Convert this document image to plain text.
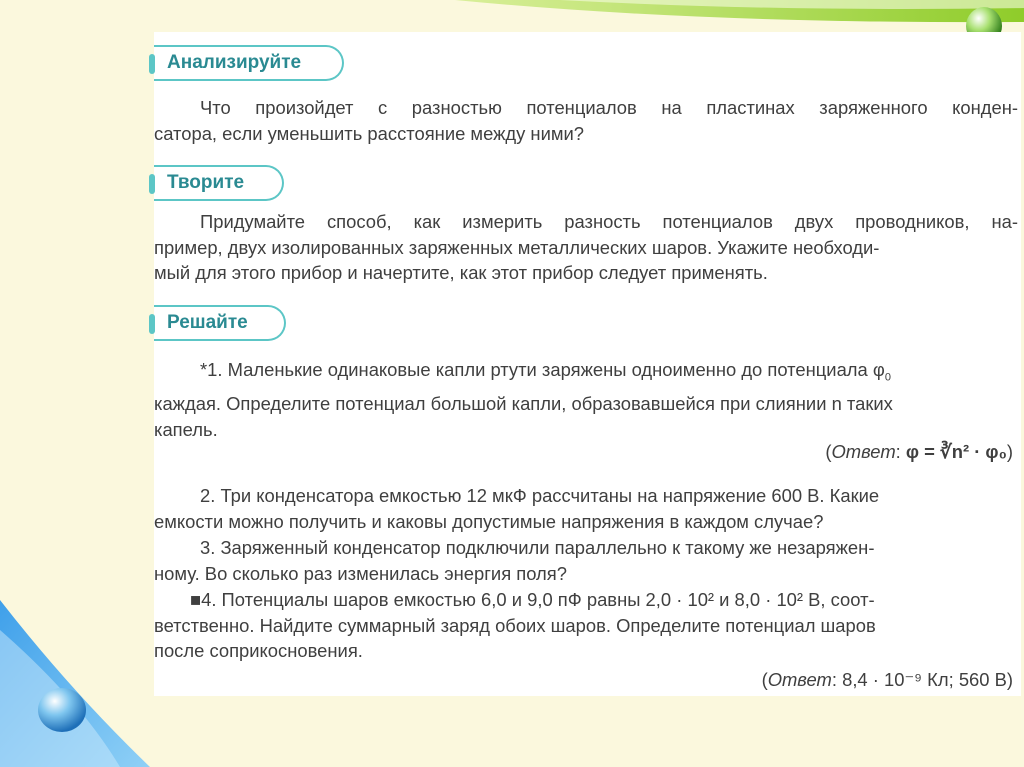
Анализируйте

Что произойдет с разностью потенциалов на пластинах заряженного конден-
сатора, если уменьшить расстояние между ними?

Творите

Придумайте способ, как измерить разность потенциалов двух проводников, на-
пример, двух изолированных заряженных металлических шаров. Укажите необходи-
мый для этого прибор и начертите, как этот прибор следует применять.

Решайте

*1. Маленькие одинаковые капли ртути заряжены одноименно до потенциала $\varphi_0$
каждая. Определите потенциал большой капли, образовавшейся при слиянии n таких
капель.

(Ответ: φ = ∛n² · φ₀)

2. Три конденсатора емкостью 12 мкФ рассчитаны на напряжение 600 В. Какие
емкости можно получить и каковы допустимые напряжения в каждом случае?

3. Заряженный конденсатор подключили параллельно к такому же незаряжен-
ному. Во сколько раз изменилась энергия поля?

■4. Потенциалы шаров емкостью 6,0 и 9,0 пФ равны 2,0 · 10² и 8,0 · 10² В, соот-
ветственно. Найдите суммарный заряд обоих шаров. Определите потенциал шаров
после соприкосновения.

(Ответ: 8,4 · 10⁻⁹ Кл; 560 В)
